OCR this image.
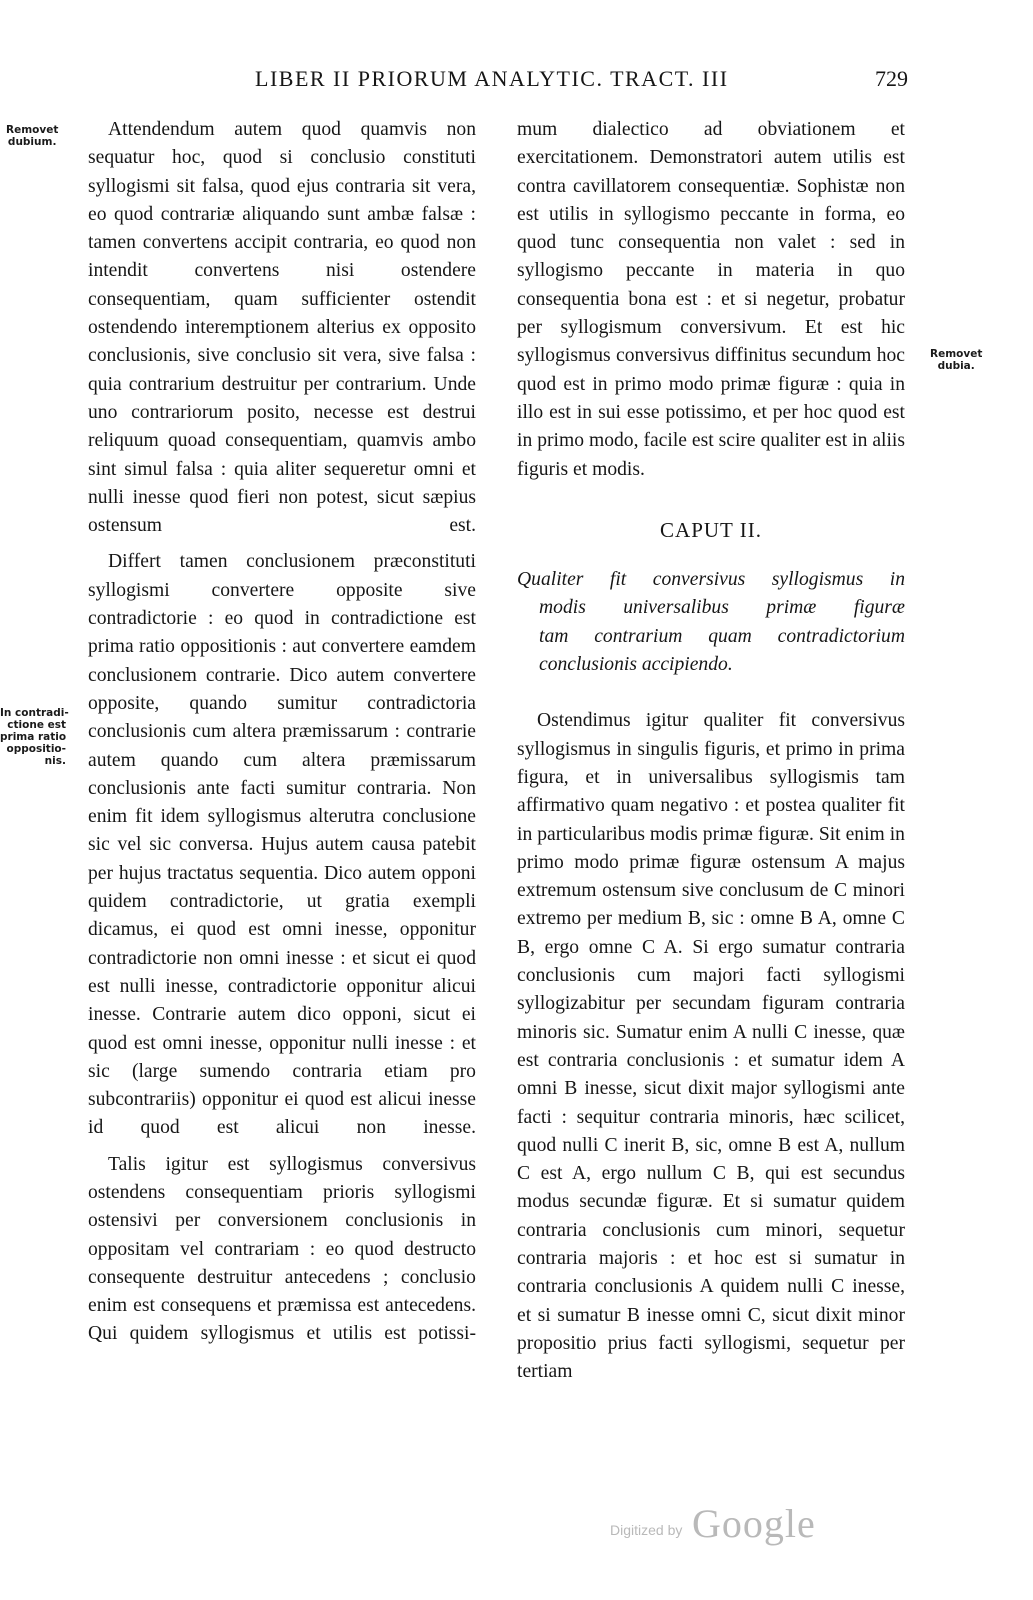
LIBER II PRIORUM ANALYTIC. TRACT. III	729
Removet
dubium.
In contradi-
ctione est
prima ratio
oppositio-
nis.
Removet
dubia.

Attendendum autem quod quamvis non sequatur hoc, quod si conclusio constituti syllogismi sit falsa, quod ejus contraria sit vera, eo quod contrariæ aliquando sunt ambæ falsæ : tamen convertens accipit contraria, eo quod non intendit convertens nisi ostendere consequentiam, quam sufficienter ostendit ostendendo interemptionem alterius ex opposito conclusionis, sive conclusio sit vera, sive falsa : quia contrarium destruitur per contrarium. Unde uno contrariorum posito, necesse est destrui reliquum quoad consequentiam, quamvis ambo sint simul falsa : quia aliter sequeretur omni et nulli inesse quod fieri non potest, sicut sæpius ostensum est.

Differt tamen conclusionem præconstituti syllogismi convertere opposite sive contradictorie : eo quod in contradictione est prima ratio oppositionis : aut convertere eamdem conclusionem contrarie. Dico autem convertere opposite, quando sumitur contradictoria conclusionis cum altera præmissarum : contrarie autem quando cum altera præmissarum conclusionis ante facti sumitur contraria. Non enim fit idem syllogismus alterutra conclusione sic vel sic conversa. Hujus autem causa patebit per hujus tractatus sequentia. Dico autem opponi quidem contradictorie, ut gratia exempli dicamus, ei quod est omni inesse, opponitur contradictorie non omni inesse : et sicut ei quod est nulli inesse, contradictorie opponitur alicui inesse. Contrarie autem dico opponi, sicut ei quod est omni inesse, opponitur nulli inesse : et sic (large sumendo contraria etiam pro subcontrariis) opponitur ei quod est alicui inesse id quod est alicui non inesse.

Talis igitur est syllogismus conversivus ostendens consequentiam prioris syllogismi ostensivi per conversionem conclusionis in oppositam vel contrariam : eo quod destructo consequente destruitur antecedens ; conclusio enim est consequens et præmissa est antecedens. Qui quidem syllogismus et utilis est potissi-

mum dialectico ad obviationem et exercitationem. Demonstratori autem utilis est contra cavillatorem consequentiæ. Sophistæ non est utilis in syllogismo peccante in forma, eo quod tunc consequentia non valet : sed in syllogismo peccante in materia in quo consequentia bona est : et si negetur, probatur per syllogismum conversivum. Et est hic syllogismus conversivus diffinitus secundum hoc quod est in primo modo primæ figuræ : quia in illo est in sui esse potissimo, et per hoc quod est in primo modo, facile est scire qualiter est in aliis figuris et modis.

CAPUT II.
Qualiter fit conversivus syllogismus in
modis universalibus primæ figuræ
tam contrarium quam contradictorium
conclusionis accipiendo.

Ostendimus igitur qualiter fit conversivus syllogismus in singulis figuris, et primo in prima figura, et in universalibus syllogismis tam affirmativo quam negativo : et postea qualiter fit in particularibus modis primæ figuræ. Sit enim in primo modo primæ figuræ ostensum A majus extremum ostensum sive conclusum de C minori extremo per medium B, sic : omne B A, omne C B, ergo omne C A. Si ergo sumatur contraria conclusionis cum majori facti syllogismi syllogizabitur per secundam figuram contraria minoris sic. Sumatur enim A nulli C inesse, quæ est contraria conclusionis : et sumatur idem A omni B inesse, sicut dixit major syllogismi ante facti : sequitur contraria minoris, hæc scilicet, quod nulli C inerit B, sic, omne B est A, nullum C est A, ergo nullum C B, qui est secundus modus secundæ figuræ. Et si sumatur quidem contraria conclusionis cum minori, sequetur contraria majoris : et hoc est si sumatur in contraria conclusionis A quidem nulli C inesse, et si sumatur B inesse omni C, sicut dixit minor propositio prius facti syllogismi, sequetur per tertiam

Digitized by Google
